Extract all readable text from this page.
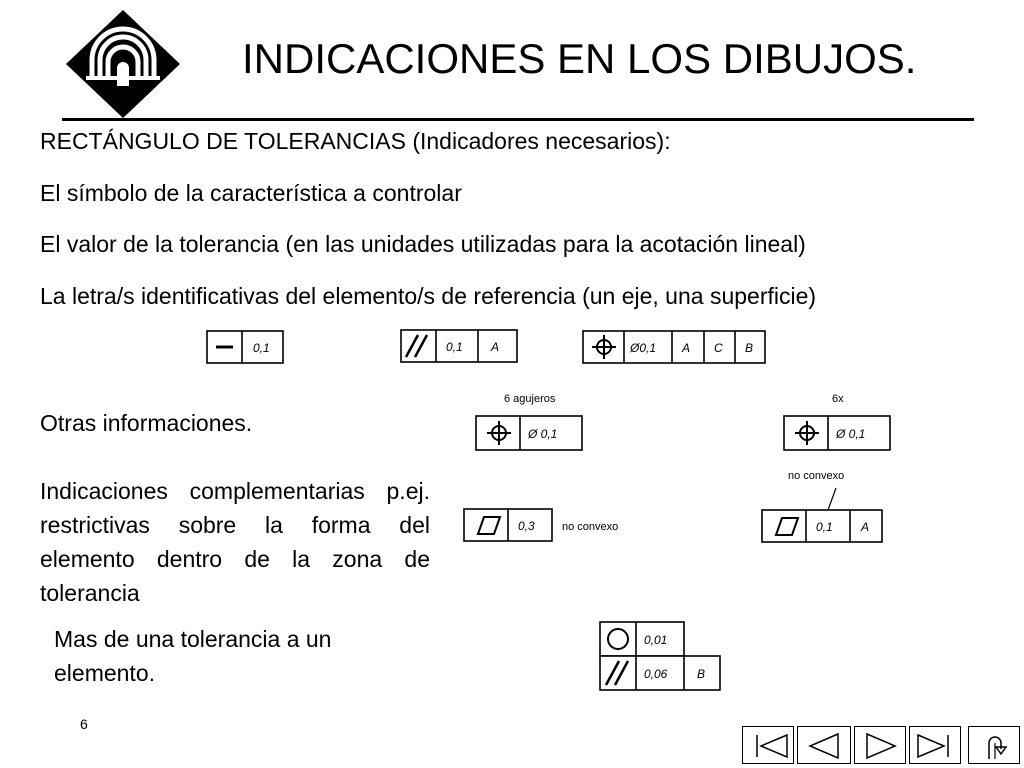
INDICACIONES EN LOS DIBUJOS.
RECTÁNGULO DE TOLERANCIAS (Indicadores necesarios):
El símbolo de la característica a controlar
El valor de la tolerancia (en las unidades utilizadas para la acotación lineal)
La letra/s identificativas del elemento/s de referencia (un eje, una superficie)
0,1	0,1 A	Ø0,1 A C B
Otras informaciones.
6 agujeros
Ø 0,1
6x
Ø 0,1
Indicaciones complementarias p.ej. restrictivas sobre la forma del elemento dentro de la zona de tolerancia
0,3 no convexo
no convexo
0,1 A
Mas de una tolerancia a un elemento.
0,01
0,06 B
6
